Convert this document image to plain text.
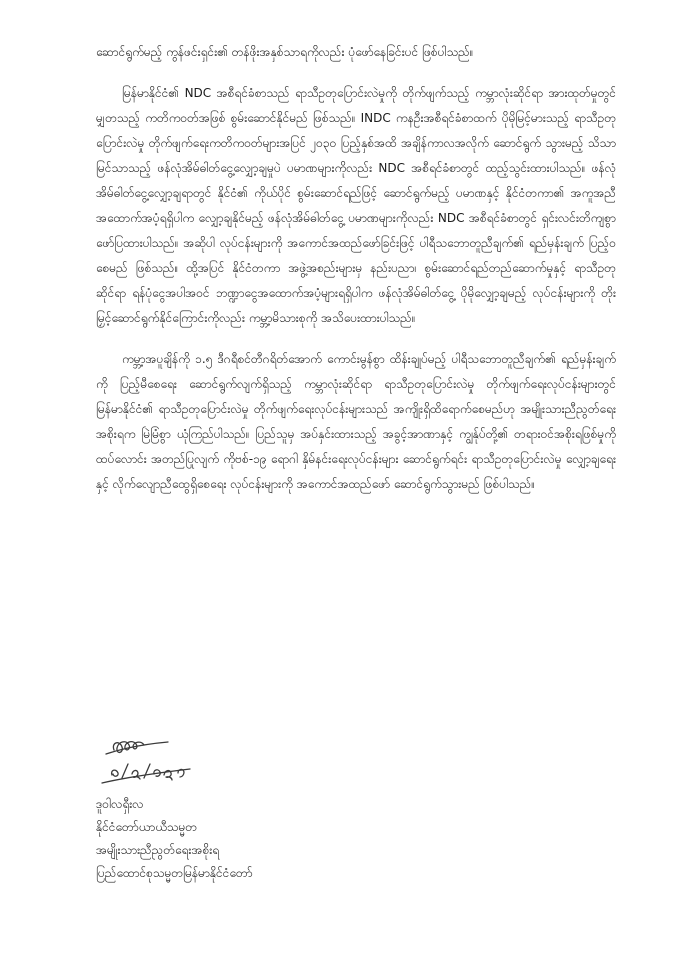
ဆောင်ရွက်မည့် ကွန်ဖင်းရှင်း၏ တန်ဖိုးအနှစ်သာရကိုလည်း ပုံဖော်နေခြင်းပင် ဖြစ်ပါသည်။

မြန်မာနိုင်ငံ၏ NDC အစီရင်ခံစာသည် ရာသီဥတုပြောင်းလဲမှုကို တိုက်ဖျက်သည့် ကမ္ဘာလုံးဆိုင်ရာ အားထုတ်မှုတွင် မျှတသည့် ကတိကဝတ်အဖြစ် စွမ်းဆောင်နိုင်မည် ဖြစ်သည်။ INDC ကနဦးအစီရင်ခံစာထက် ပိုမိုမြင့်မားသည့် ရာသီဥတုပြောင်းလဲမှု တိုက်ဖျက်ရေးကတိကဝတ်များအပြင် ၂၀၃၀ ပြည့်နှစ်အထိ အချိန်ကာလအလိုက် ဆောင်ရွက် သွားမည့် သိသာမြင်သာသည့် ဖန်လုံအိမ်ဓါတ်ငွေ့လျှော့ချမှုပဲ ပမာဏများကိုလည်း NDC အစီရင်ခံစာတွင် ထည့်သွင်းထားပါသည်။ ဖန်လုံအိမ်ဓါတ်ငွေ့လျှော့ချရာတွင် နိုင်ငံ၏ ကိုယ်ပိုင် စွမ်းဆောင်ရည်ဖြင့် ဆောင်ရွက်မည့် ပမာဏနှင့် နိုင်ငံတကာ၏ အကူအညီ အထောက်အပံ့ရရှိပါက လျှော့ချနိုင်မည့် ဖန်လုံအိမ်ဓါတ်ငွေ့ ပမာဏများကိုလည်း NDC အစီရင်ခံစာတွင် ရှင်းလင်းတိကျစွာ ဖော်ပြထားပါသည်။ အဆိုပါ လုပ်ငန်းများကို အကောင်အထည်ဖော်ခြင်းဖြင့် ပါရီသဘောတူညီချက်၏ ရည်မှန်းချက် ပြည့်ဝစေမည် ဖြစ်သည်။ ထို့အပြင် နိုင်ငံတကာ အဖွဲ့အစည်းများမှ နည်းပညာ၊ စွမ်းဆောင်ရည်တည်ဆောက်မှုနှင့် ရာသီဥတုဆိုင်ရာ ရန်ပုံငွေအပါအဝင် ဘဏ္ဍာငွေအထောက်အပံ့များရရှိပါက ဖန်လုံအိမ်ဓါတ်ငွေ့ ပိုမိုလျှော့ချမည့် လုပ်ငန်းများကို တိုးမြှင့်ဆောင်ရွက်နိုင်ကြောင်းကိုလည်း ကမ္ဘာ့မိသားစုကို အသိပေးထားပါသည်။

ကမ္ဘာ့အပူချိန်ကို ၁.၅ ဒီဂရီစင်တီဂရိတ်အောက် ကောင်းမွန်စွာ ထိန်းချုပ်မည့် ပါရီသဘောတူညီချက်၏ ရည်မှန်းချက်ကို ပြည့်မီစေရေး ဆောင်ရွက်လျက်ရှိသည့် ကမ္ဘာလုံးဆိုင်ရာ ရာသီဥတုပြောင်းလဲမှု တိုက်ဖျက်ရေးလုပ်ငန်းများတွင် မြန်မာနိုင်ငံ၏ ရာသီဥတုပြောင်းလဲမှု တိုက်ဖျက်ရေးလုပ်ငန်းများသည် အကျိုးရှိထိရောက်စေမည်ဟု အမျိုးသားညီညွတ်ရေးအစိုးရက မြဲမြံစွာ ယုံကြည်ပါသည်။ ပြည်သူမှ အပ်နှင်းထားသည့် အခွင့်အာဏာနှင့် ကျွန်ုပ်တို့၏ တရားဝင်အစိုးရဖြစ်မှုကို ထပ်လောင်း အတည်ပြုလျက် ကိုဗစ်-၁၉ ရောဂါ နှိမ်နင်းရေးလုပ်ငန်းများ ဆောင်ရွက်ရင်း ရာသီဥတုပြောင်းလဲမှု လျှော့ချရေးနှင့် လိုက်လျောညီထွေရှိစေရေး လုပ်ငန်းများကို အကောင်အထည်ဖော် ဆောင်ရွက်သွားမည် ဖြစ်ပါသည်။

ဒူဝါလရှီးလ
နိုင်ငံတော်ယာယီသမ္မတ
အမျိုးသားညီညွတ်ရေးအစိုးရ
ပြည်ထောင်စုသမ္မတမြန်မာနိုင်ငံတော်
